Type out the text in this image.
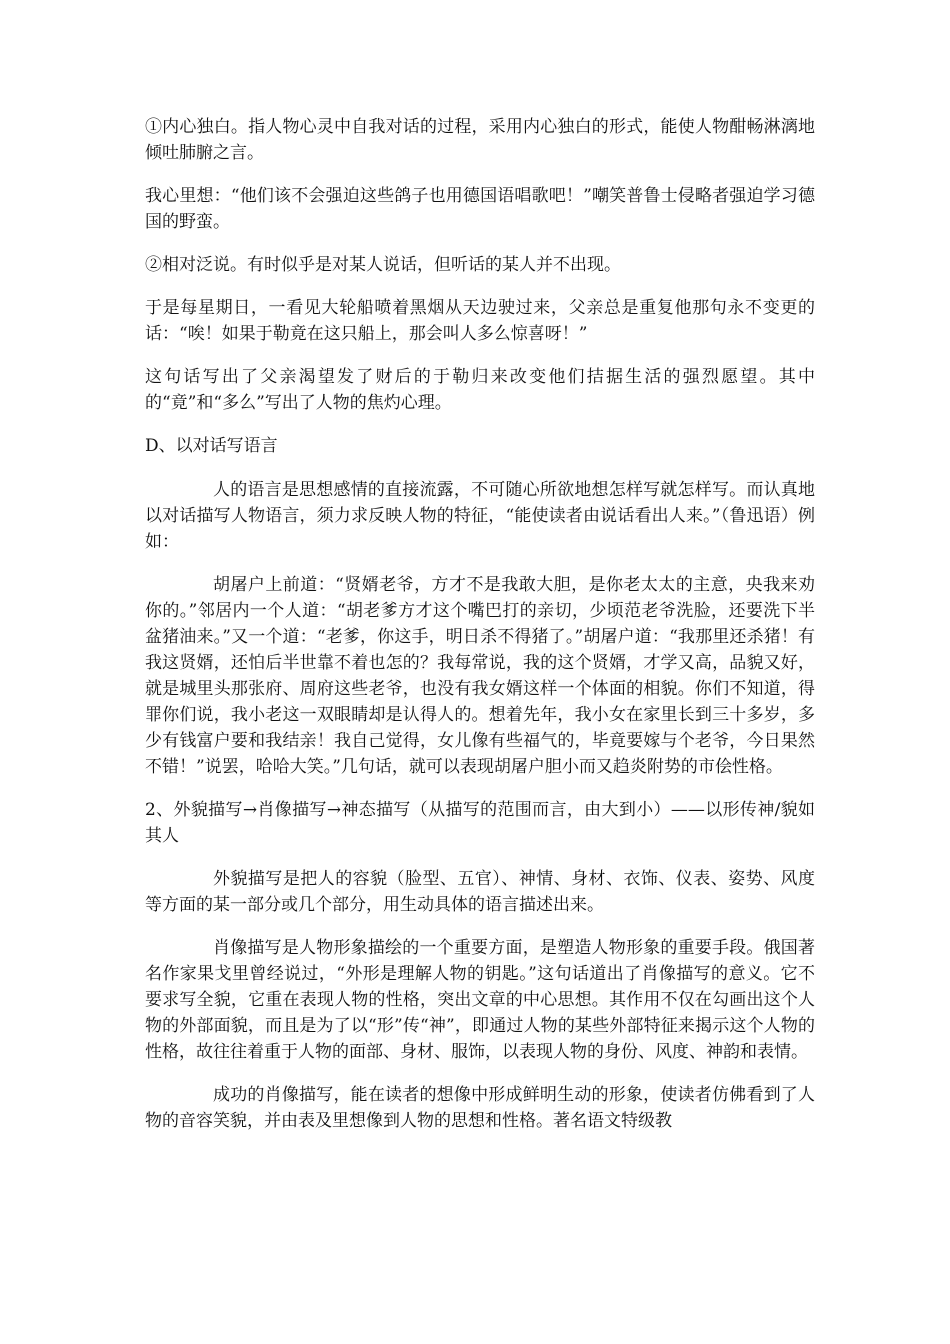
①内心独白。指人物心灵中自我对话的过程，采用内心独白的形式，能使人物酣畅淋漓地倾吐肺腑之言。

我心里想：“他们该不会强迫这些鸽子也用德国语唱歌吧！”嘲笑普鲁士侵略者强迫学习德国的野蛮。

②相对泛说。有时似乎是对某人说话，但听话的某人并不出现。

于是每星期日，一看见大轮船喷着黑烟从天边驶过来，父亲总是重复他那句永不变更的话：“唉！如果于勒竟在这只船上，那会叫人多么惊喜呀！”

这句话写出了父亲渴望发了财后的于勒归来改变他们拮据生活的强烈愿望。其中的“竟”和“多么”写出了人物的焦灼心理。

D、以对话写语言

人的语言是思想感情的直接流露，不可随心所欲地想怎样写就怎样写。而认真地以对话描写人物语言，须力求反映人物的特征，“能使读者由说话看出人来。”（鲁迅语）例如：

胡屠户上前道：“贤婿老爷，方才不是我敢大胆，是你老太太的主意，央我来劝你的。”邻居内一个人道：“胡老爹方才这个嘴巴打的亲切，少顷范老爷洗脸，还要洗下半盆猪油来。”又一个道：“老爹，你这手，明日杀不得猪了。”胡屠户道：“我那里还杀猪！有我这贤婿，还怕后半世靠不着也怎的？我每常说，我的这个贤婿，才学又高，品貌又好，就是城里头那张府、周府这些老爷，也没有我女婿这样一个体面的相貌。你们不知道，得罪你们说，我小老这一双眼睛却是认得人的。想着先年，我小女在家里长到三十多岁，多少有钱富户要和我结亲！我自己觉得，女儿像有些福气的，毕竟要嫁与个老爷，今日果然不错！”说罢，哈哈大笑。”几句话，就可以表现胡屠户胆小而又趋炎附势的市侩性格。

2、外貌描写→肖像描写→神态描写（从描写的范围而言，由大到小）——以形传神/貌如其人

外貌描写是把人的容貌（脸型、五官）、神情、身材、衣饰、仪表、姿势、风度等方面的某一部分或几个部分，用生动具体的语言描述出来。

肖像描写是人物形象描绘的一个重要方面，是塑造人物形象的重要手段。俄国著名作家果戈里曾经说过，“外形是理解人物的钥匙。”这句话道出了肖像描写的意义。它不要求写全貌，它重在表现人物的性格，突出文章的中心思想。其作用不仅在勾画出这个人物的外部面貌，而且是为了以“形”传“神”，即通过人物的某些外部特征来揭示这个人物的性格，故往往着重于人物的面部、身材、服饰，以表现人物的身份、风度、神韵和表情。

成功的肖像描写，能在读者的想像中形成鲜明生动的形象，使读者仿佛看到了人物的音容笑貌，并由表及里想像到人物的思想和性格。著名语文特级教
